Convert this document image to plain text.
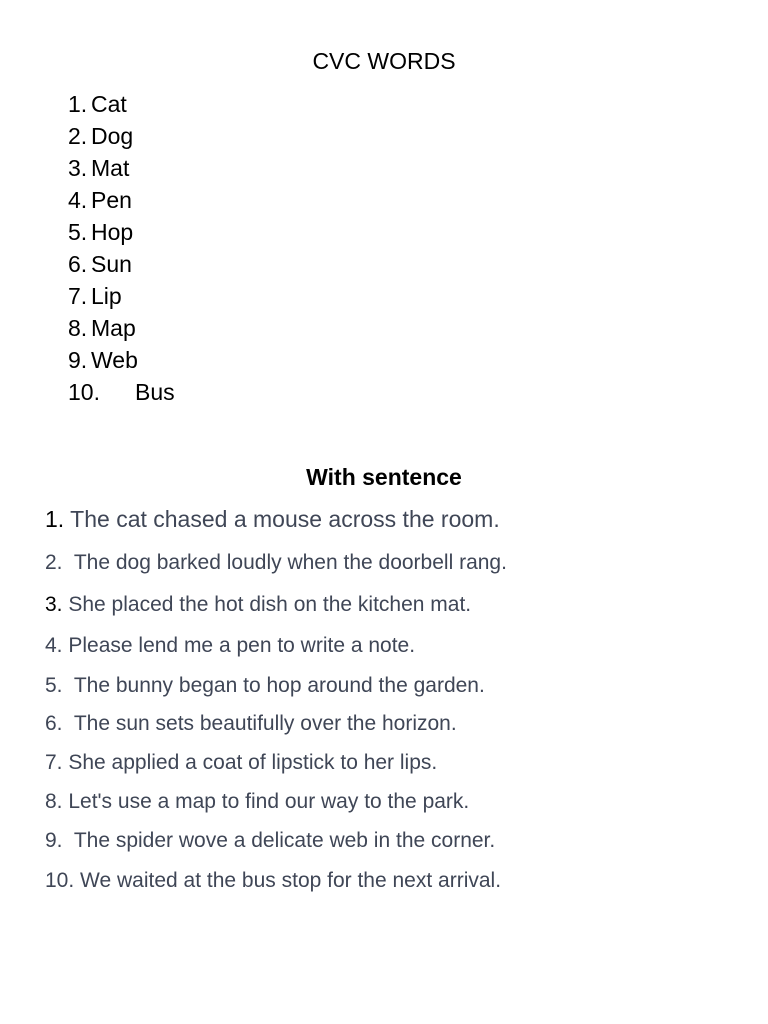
CVC WORDS
1. Cat
2. Dog
3. Mat
4. Pen
5. Hop
6. Sun
7. Lip
8. Map
9. Web
10. Bus
With sentence
1. The cat chased a mouse across the room.
2. The dog barked loudly when the doorbell rang.
3. She placed the hot dish on the kitchen mat.
4. Please lend me a pen to write a note.
5. The bunny began to hop around the garden.
6. The sun sets beautifully over the horizon.
7. She applied a coat of lipstick to her lips.
8. Let's use a map to find our way to the park.
9. The spider wove a delicate web in the corner.
10. We waited at the bus stop for the next arrival.
